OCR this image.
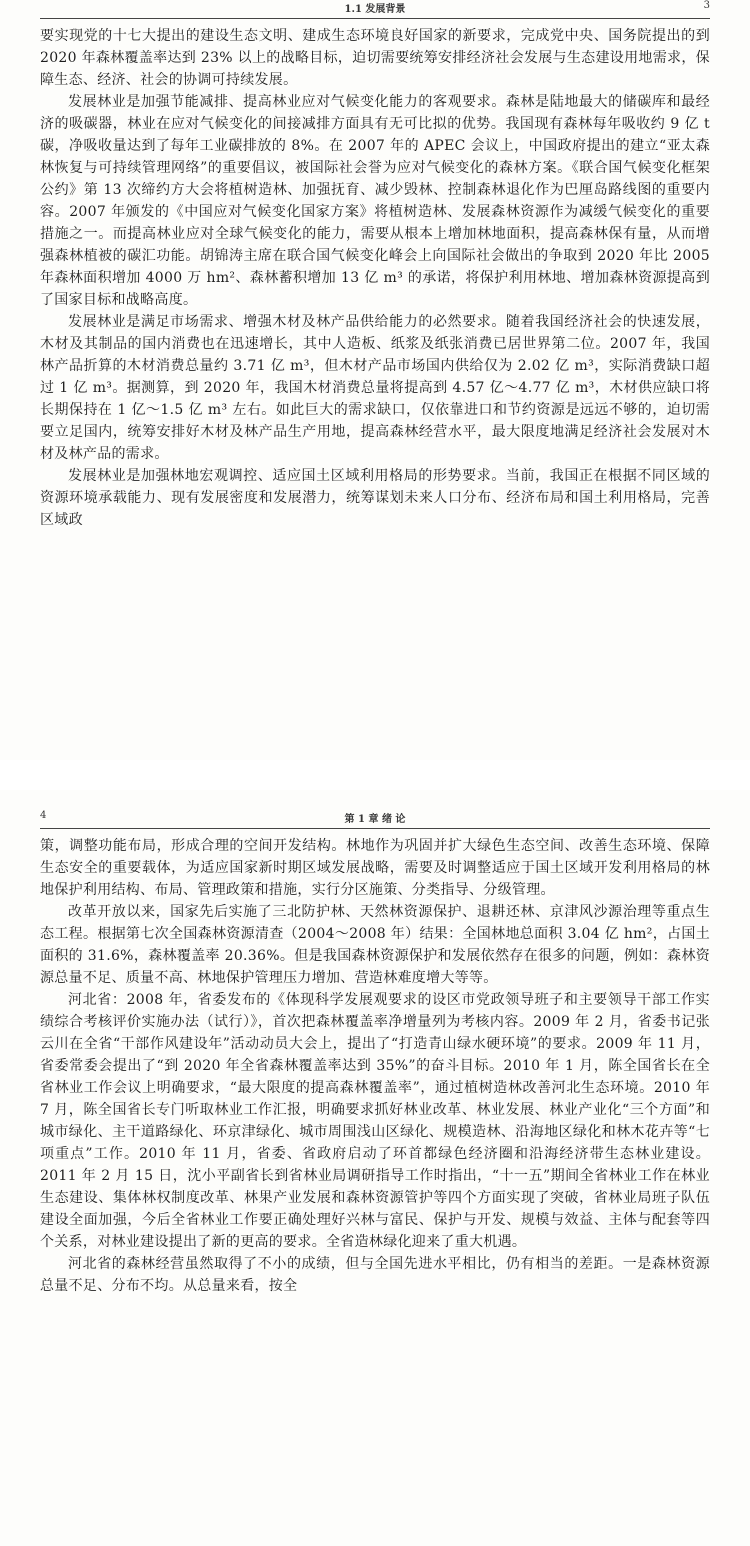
1.1 发展背景	3

要实现党的十七大提出的建设生态文明、建成生态环境良好国家的新要求，完成党中央、国务院提出的到 2020 年森林覆盖率达到 23% 以上的战略目标，迫切需要统筹安排经济社会发展与生态建设用地需求，保障生态、经济、社会的协调可持续发展。

发展林业是加强节能减排、提高林业应对气候变化能力的客观要求。森林是陆地最大的储碳库和最经济的吸碳器，林业在应对气候变化的间接减排方面具有无可比拟的优势。我国现有森林每年吸收约 9 亿 t 碳，净吸收量达到了每年工业碳排放的 8%。在 2007 年的 APEC 会议上，中国政府提出的建立“亚太森林恢复与可持续管理网络”的重要倡议，被国际社会誉为应对气候变化的森林方案。《联合国气候变化框架公约》第 13 次缔约方大会将植树造林、加强抚育、减少毁林、控制森林退化作为巴厘岛路线图的重要内容。2007 年颁发的《中国应对气候变化国家方案》将植树造林、发展森林资源作为减缓气候变化的重要措施之一。而提高林业应对全球气候变化的能力，需要从根本上增加林地面积，提高森林保有量，从而增强森林植被的碳汇功能。胡锦涛主席在联合国气候变化峰会上向国际社会做出的争取到 2020 年比 2005 年森林面积增加 4000 万 hm²、森林蓄积增加 13 亿 m³ 的承诺，将保护利用林地、增加森林资源提高到了国家目标和战略高度。

发展林业是满足市场需求、增强木材及林产品供给能力的必然要求。随着我国经济社会的快速发展，木材及其制品的国内消费也在迅速增长，其中人造板、纸浆及纸张消费已居世界第二位。2007 年，我国林产品折算的木材消费总量约 3.71 亿 m³，但木材产品市场国内供给仅为 2.02 亿 m³，实际消费缺口超过 1 亿 m³。据测算，到 2020 年，我国木材消费总量将提高到 4.57 亿～4.77 亿 m³，木材供应缺口将长期保持在 1 亿～1.5 亿 m³ 左右。如此巨大的需求缺口，仅依靠进口和节约资源是远远不够的，迫切需要立足国内，统筹安排好木材及林产品生产用地，提高森林经营水平，最大限度地满足经济社会发展对木材及林产品的需求。

发展林业是加强林地宏观调控、适应国土区域利用格局的形势要求。当前，我国正在根据不同区域的资源环境承载能力、现有发展密度和发展潜力，统筹谋划未来人口分布、经济布局和国土利用格局，完善区域政

4	第 1 章 绪 论

策，调整功能布局，形成合理的空间开发结构。林地作为巩固并扩大绿色生态空间、改善生态环境、保障生态安全的重要载体，为适应国家新时期区域发展战略，需要及时调整适应于国土区域开发利用格局的林地保护利用结构、布局、管理政策和措施，实行分区施策、分类指导、分级管理。

改革开放以来，国家先后实施了三北防护林、天然林资源保护、退耕还林、京津风沙源治理等重点生态工程。根据第七次全国森林资源清查（2004～2008 年）结果：全国林地总面积 3.04 亿 hm²，占国土面积的 31.6%，森林覆盖率 20.36%。但是我国森林资源保护和发展依然存在很多的问题，例如：森林资源总量不足、质量不高、林地保护管理压力增加、营造林难度增大等等。

河北省：2008 年，省委发布的《体现科学发展观要求的设区市党政领导班子和主要领导干部工作实绩综合考核评价实施办法（试行）》，首次把森林覆盖率净增量列为考核内容。2009 年 2 月，省委书记张云川在全省“干部作风建设年”活动动员大会上，提出了“打造青山绿水硬环境”的要求。2009 年 11 月，省委常委会提出了“到 2020 年全省森林覆盖率达到 35%”的奋斗目标。2010 年 1 月，陈全国省长在全省林业工作会议上明确要求，“最大限度的提高森林覆盖率”，通过植树造林改善河北生态环境。2010 年 7 月，陈全国省长专门听取林业工作汇报，明确要求抓好林业改革、林业发展、林业产业化“三个方面”和城市绿化、主干道路绿化、环京津绿化、城市周围浅山区绿化、规模造林、沿海地区绿化和林木花卉等“七项重点”工作。2010 年 11 月，省委、省政府启动了环首都绿色经济圈和沿海经济带生态林业建设。2011 年 2 月 15 日，沈小平副省长到省林业局调研指导工作时指出，“十一五”期间全省林业工作在林业生态建设、集体林权制度改革、林果产业发展和森林资源管护等四个方面实现了突破，省林业局班子队伍建设全面加强，今后全省林业工作要正确处理好兴林与富民、保护与开发、规模与效益、主体与配套等四个关系，对林业建设提出了新的更高的要求。全省造林绿化迎来了重大机遇。

河北省的森林经营虽然取得了不小的成绩，但与全国先进水平相比，仍有相当的差距。一是森林资源总量不足、分布不均。从总量来看，按全
